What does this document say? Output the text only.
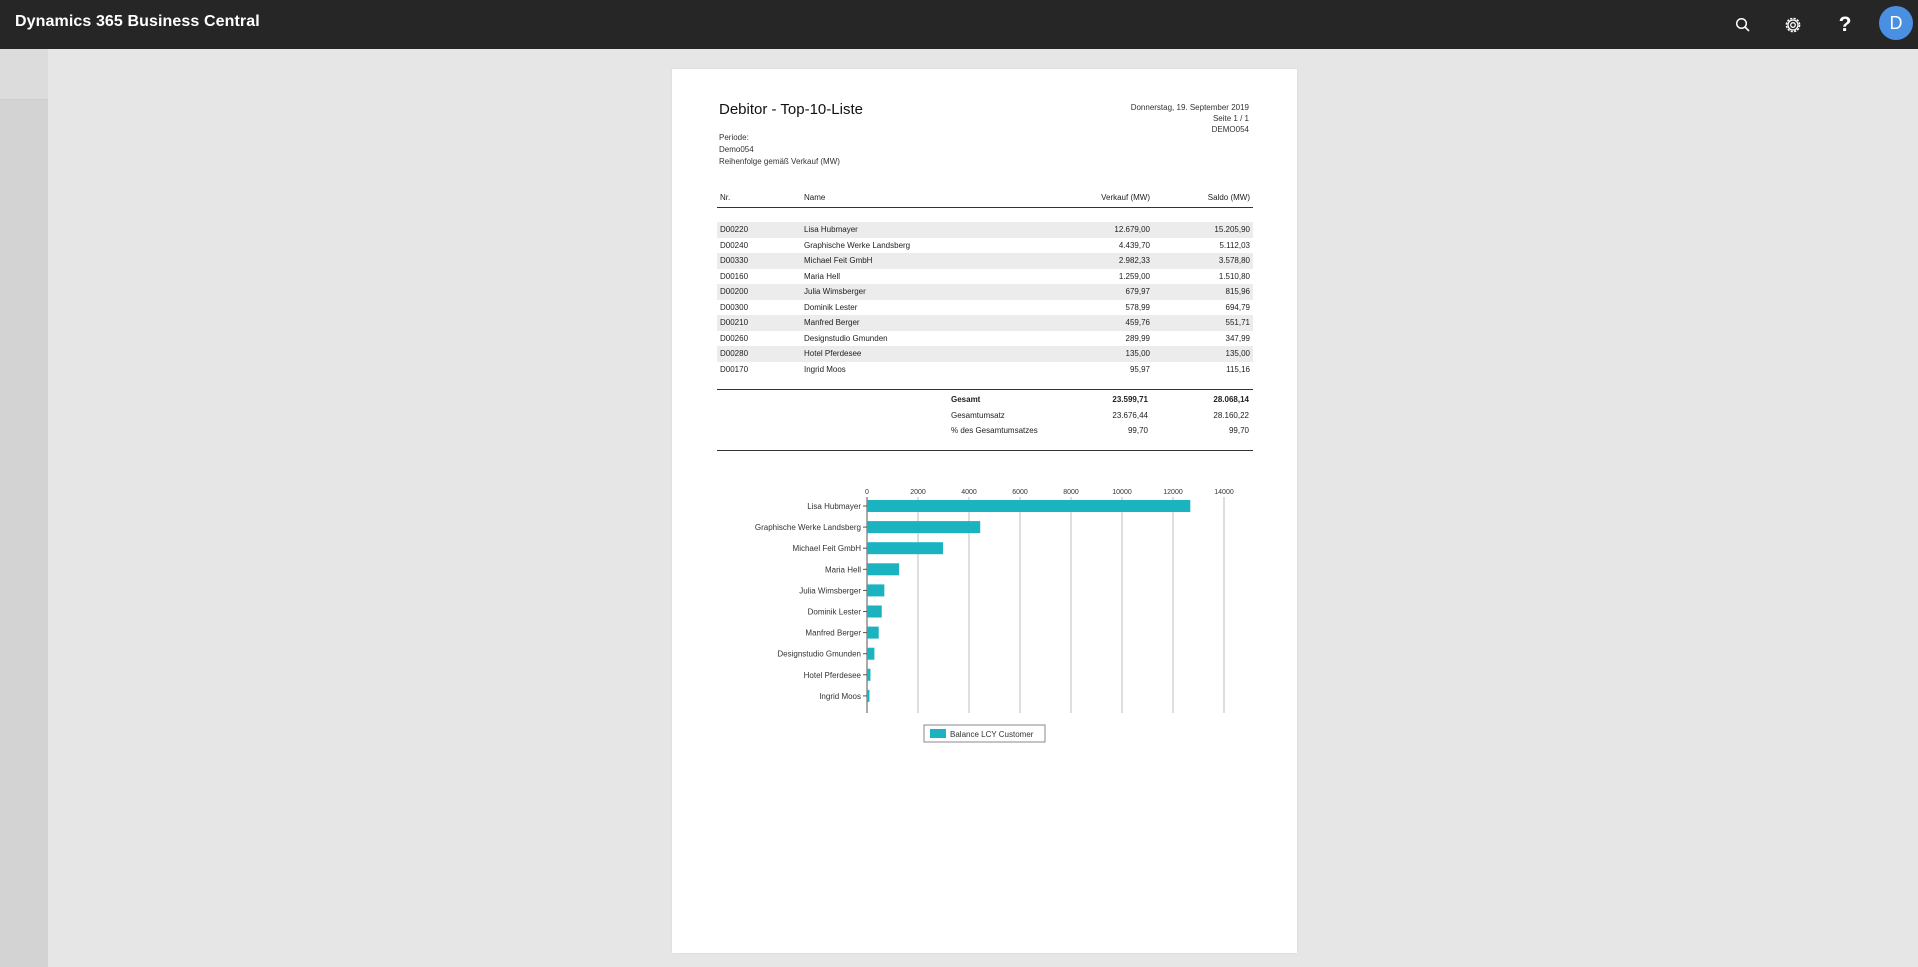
Dynamics 365 Business Central	?	D
Debitor - Top-10-Liste	Donnerstag, 19. September 2019
Seite 1 / 1
DEMO054
Periode:
Demo054
Reihenfolge gemäß Verkauf (MW)
Nr.	Name	Verkauf (MW)	Saldo (MW)

D00220	Lisa Hubmayer	12.679,00	15.205,90
D00240	Graphische Werke Landsberg	4.439,70	5.112,03
D00330	Michael Feit GmbH	2.982,33	3.578,80
D00160	Maria Hell	1.259,00	1.510,80
D00200	Julia Wimsberger	679,97	815,96
D00300	Dominik Lester	578,99	694,79
D00210	Manfred Berger	459,76	551,71
D00260	Designstudio Gmunden	289,99	347,99
D00280	Hotel Pferdesee	135,00	135,00
D00170	Ingrid Moos	95,97	115,16
Gesamt	23.599,71	28.068,14
Gesamtumsatz	23.676,44	28.160,22
% des Gesamtumsatzes	99,70	99,70
0	2000	4000	6000	8000	10000	12000	14000
Lisa Hubmayer
Graphische Werke Landsberg
Michael Feit GmbH
Maria Hell
Julia Wimsberger
Dominik Lester
Manfred Berger
Designstudio Gmunden
Hotel Pferdesee
Ingrid Moos
Balance LCY Customer
